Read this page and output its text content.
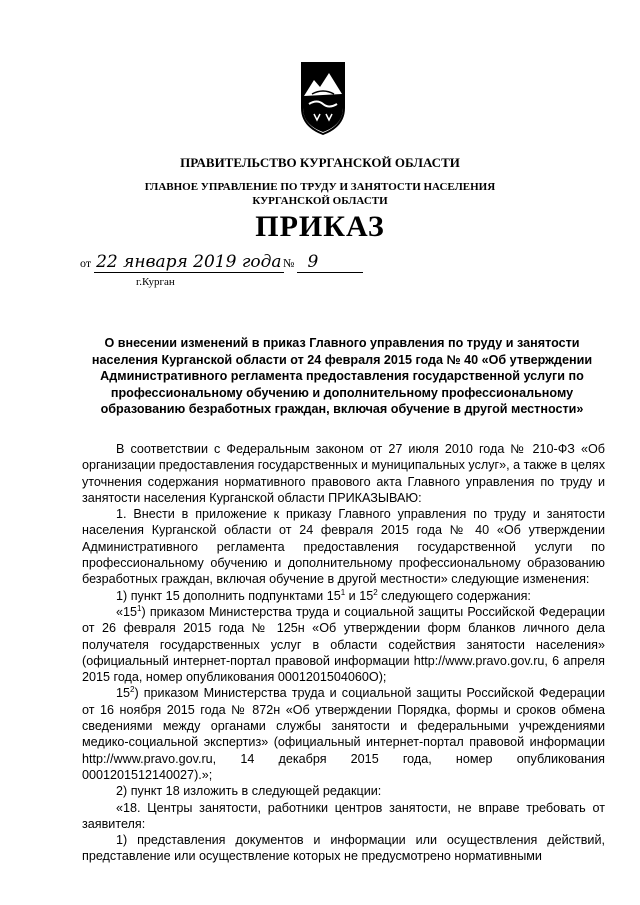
ПРАВИТЕЛЬСТВО КУРГАНСКОЙ ОБЛАСТИ
ГЛАВНОЕ УПРАВЛЕНИЕ ПО ТРУДУ И ЗАНЯТОСТИ НАСЕЛЕНИЯ
КУРГАНСКОЙ ОБЛАСТИ
ПРИКАЗ
от 22 января 2019 года № 9
г.Курган
О внесении изменений в приказ Главного управления по труду и занятости населения Курганской области от 24 февраля 2015 года № 40 «Об утверждении Административного регламента предоставления государственной услуги по профессиональному обучению и дополнительному профессиональному образованию безработных граждан, включая обучение в другой местности»

В соответствии с Федеральным законом от 27 июля 2010 года № 210-ФЗ «Об организации предоставления государственных и муниципальных услуг», а также в целях уточнения содержания нормативного правового акта Главного управления по труду и занятости населения Курганской области ПРИКАЗЫВАЮ:

1. Внести в приложение к приказу Главного управления по труду и занятости населения Курганской области от 24 февраля 2015 года № 40 «Об утверждении Административного регламента предоставления государственной услуги по профессиональному обучению и дополнительному профессиональному образованию безработных граждан, включая обучение в другой местности» следующие изменения:

1) пункт 15 дополнить подпунктами $15^1$ и $15^2$ следующего содержания:

«$15^1$) приказом Министерства труда и социальной защиты Российской Федерации от 26 февраля 2015 года № 125н «Об утверждении форм бланков личного дела получателя государственных услуг в области содействия занятости населения» (официальный интернет-портал правовой информации http://www.pravo.gov.ru, 6 апреля 2015 года, номер опубликования 0001201504060О);

$15^2$) приказом Министерства труда и социальной защиты Российской Федерации от 16 ноября 2015 года № 872н «Об утверждении Порядка, формы и сроков обмена сведениями между органами службы занятости и федеральными учреждениями медико-социальной экспертиз» (официальный интернет-портал правовой информации http://www.pravo.gov.ru, 14 декабря 2015 года, номер опубликования 0001201512140027).»;

2) пункт 18 изложить в следующей редакции:

«18. Центры занятости, работники центров занятости, не вправе требовать от заявителя:

1) представления документов и информации или осуществления действий, представление или осуществление которых не предусмотрено нормативными
